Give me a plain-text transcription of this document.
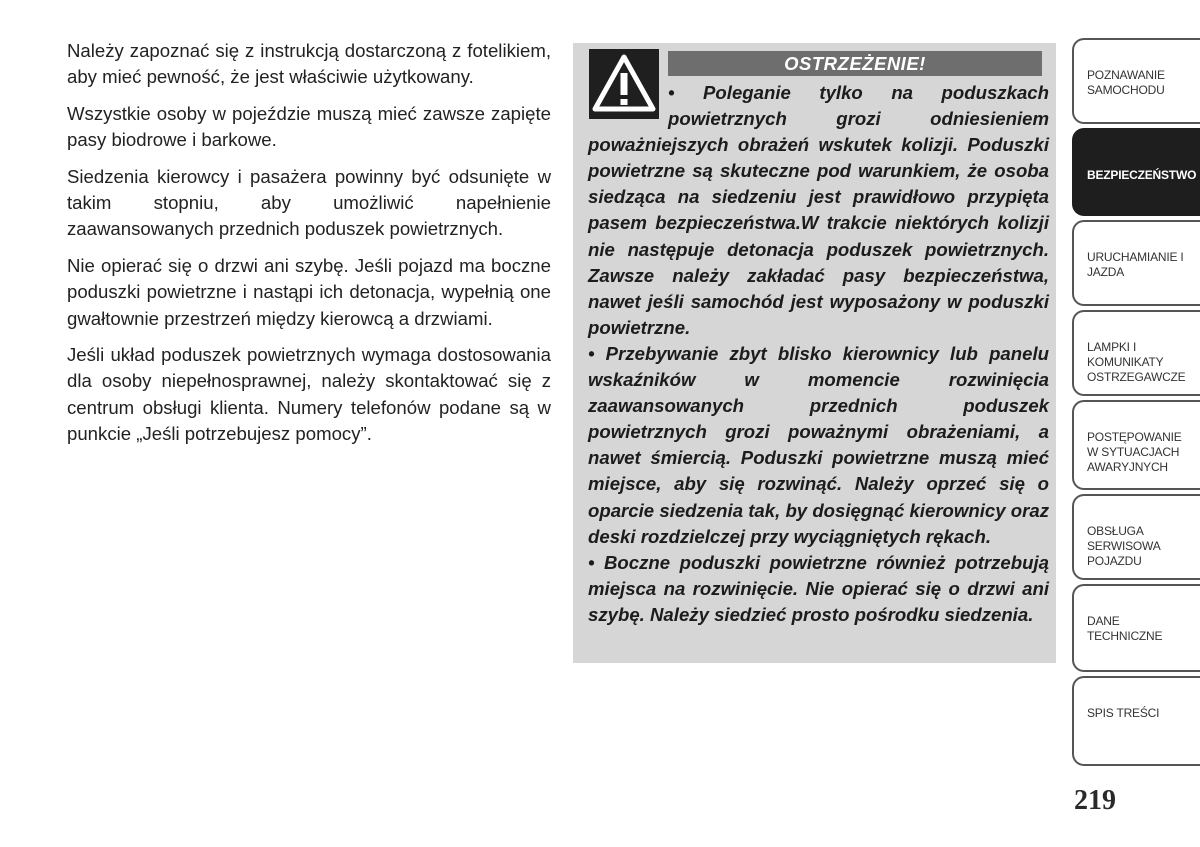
Należy zapoznać się z instrukcją dostarczoną z fotelikiem, aby mieć pewność, że jest właściwie użytkowany.

Wszystkie osoby w pojeździe muszą mieć zawsze zapięte pasy biodrowe i barkowe.

Siedzenia kierowcy i pasażera powinny być odsunięte w takim stopniu, aby umożliwić napełnienie zaawansowanych przednich poduszek powietrznych.

Nie opierać się o drzwi ani szybę. Jeśli pojazd ma boczne poduszki powietrzne i nastąpi ich detonacja, wypełnią one gwałtownie przestrzeń między kierowcą a drzwiami.

Jeśli układ poduszek powietrznych wymaga dostosowania dla osoby niepełnosprawnej, należy skontaktować się z centrum obsługi klienta. Numery telefonów podane są w punkcie „Jeśli potrzebujesz pomocy”.

OSTRZEŻENIE!

• Poleganie tylko na poduszkach powietrznych grozi odniesieniem poważniejszych obrażeń wskutek kolizji. Poduszki powietrzne są skuteczne pod warunkiem, że osoba siedząca na siedzeniu jest prawidłowo przypięta pasem bezpieczeństwa.W trakcie niektórych kolizji nie następuje detonacja poduszek powietrznych. Zawsze należy zakładać pasy bezpieczeństwa, nawet jeśli samochód jest wyposażony w poduszki powietrzne.

• Przebywanie zbyt blisko kierownicy lub panelu wskaźników w momencie rozwinięcia zaawansowanych przednich poduszek powietrznych grozi poważnymi obrażeniami, a nawet śmiercią. Poduszki powietrzne muszą mieć miejsce, aby się rozwinąć. Należy oprzeć się o oparcie siedzenia tak, by dosięgnąć kierownicy oraz deski rozdzielczej przy wyciągniętych rękach.

• Boczne poduszki powietrzne również potrzebują miejsca na rozwinięcie. Nie opierać się o drzwi ani szybę. Należy siedzieć prosto pośrodku siedzenia.

POZNAWANIE SAMOCHODU
BEZPIECZEŃSTWO
URUCHAMIANIE I JAZDA
LAMPKI I KOMUNIKATY OSTRZEGAWCZE
POSTĘPOWANIE W SYTUACJACH AWARYJNYCH
OBSŁUGA SERWISOWA POJAZDU
DANE TECHNICZNE
SPIS TREŚCI
219
